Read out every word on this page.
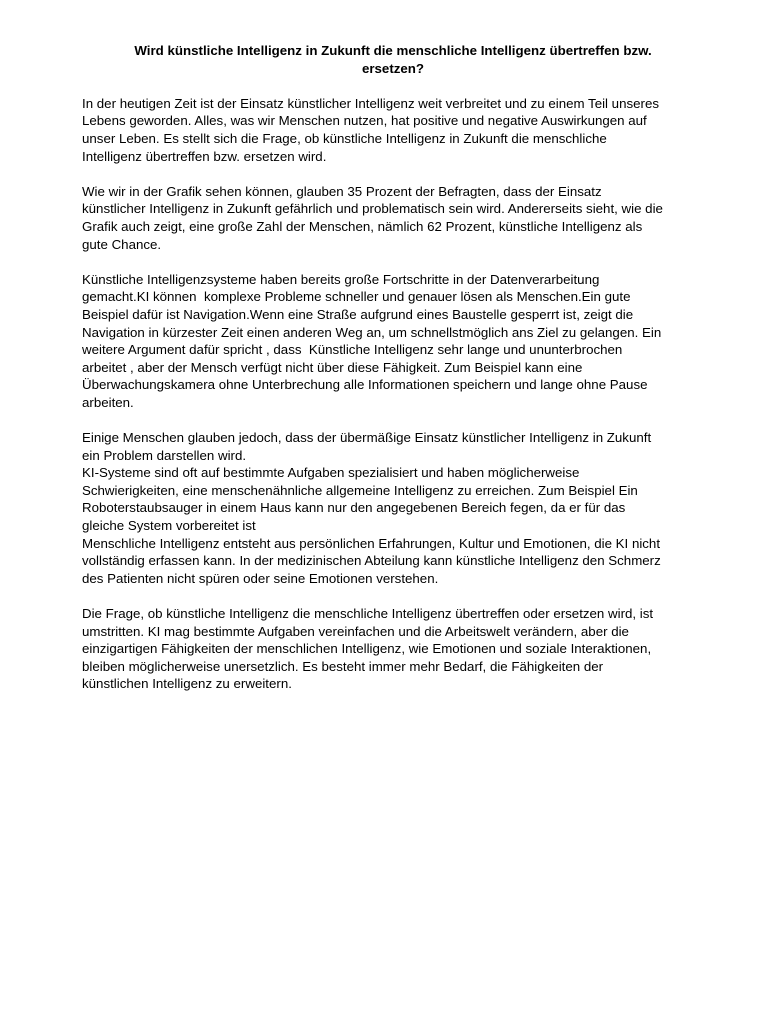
Wird künstliche Intelligenz in Zukunft die menschliche Intelligenz übertreffen bzw.
ersetzen?
In der heutigen Zeit ist der Einsatz künstlicher Intelligenz weit verbreitet und zu einem Teil unseres
Lebens geworden. Alles, was wir Menschen nutzen, hat positive und negative Auswirkungen auf
unser Leben. Es stellt sich die Frage, ob künstliche Intelligenz in Zukunft die menschliche
Intelligenz übertreffen bzw. ersetzen wird.
Wie wir in der Grafik sehen können, glauben 35 Prozent der Befragten, dass der Einsatz
künstlicher Intelligenz in Zukunft gefährlich und problematisch sein wird. Andererseits sieht, wie die
Grafik auch zeigt, eine große Zahl der Menschen, nämlich 62 Prozent, künstliche Intelligenz als
gute Chance.
Künstliche Intelligenzsysteme haben bereits große Fortschritte in der Datenverarbeitung
gemacht.KI können  komplexe Probleme schneller und genauer lösen als Menschen.Ein gute
Beispiel dafür ist Navigation.Wenn eine Straße aufgrund eines Baustelle gesperrt ist, zeigt die
Navigation in kürzester Zeit einen anderen Weg an, um schnellstmöglich ans Ziel zu gelangen. Ein
weitere Argument dafür spricht , dass  Künstliche Intelligenz sehr lange und ununterbrochen
arbeitet , aber der Mensch verfügt nicht über diese Fähigkeit. Zum Beispiel kann eine
Überwachungskamera ohne Unterbrechung alle Informationen speichern und lange ohne Pause
arbeiten.
Einige Menschen glauben jedoch, dass der übermäßige Einsatz künstlicher Intelligenz in Zukunft
ein Problem darstellen wird.
KI-Systeme sind oft auf bestimmte Aufgaben spezialisiert und haben möglicherweise
Schwierigkeiten, eine menschenähnliche allgemeine Intelligenz zu erreichen. Zum Beispiel Ein
Roboterstaubsauger in einem Haus kann nur den angegebenen Bereich fegen, da er für das
gleiche System vorbereitet ist
Menschliche Intelligenz entsteht aus persönlichen Erfahrungen, Kultur und Emotionen, die KI nicht
vollständig erfassen kann. In der medizinischen Abteilung kann künstliche Intelligenz den Schmerz
des Patienten nicht spüren oder seine Emotionen verstehen.
Die Frage, ob künstliche Intelligenz die menschliche Intelligenz übertreffen oder ersetzen wird, ist
umstritten. KI mag bestimmte Aufgaben vereinfachen und die Arbeitswelt verändern, aber die
einzigartigen Fähigkeiten der menschlichen Intelligenz, wie Emotionen und soziale Interaktionen,
bleiben möglicherweise unersetzlich. Es besteht immer mehr Bedarf, die Fähigkeiten der
künstlichen Intelligenz zu erweitern.
